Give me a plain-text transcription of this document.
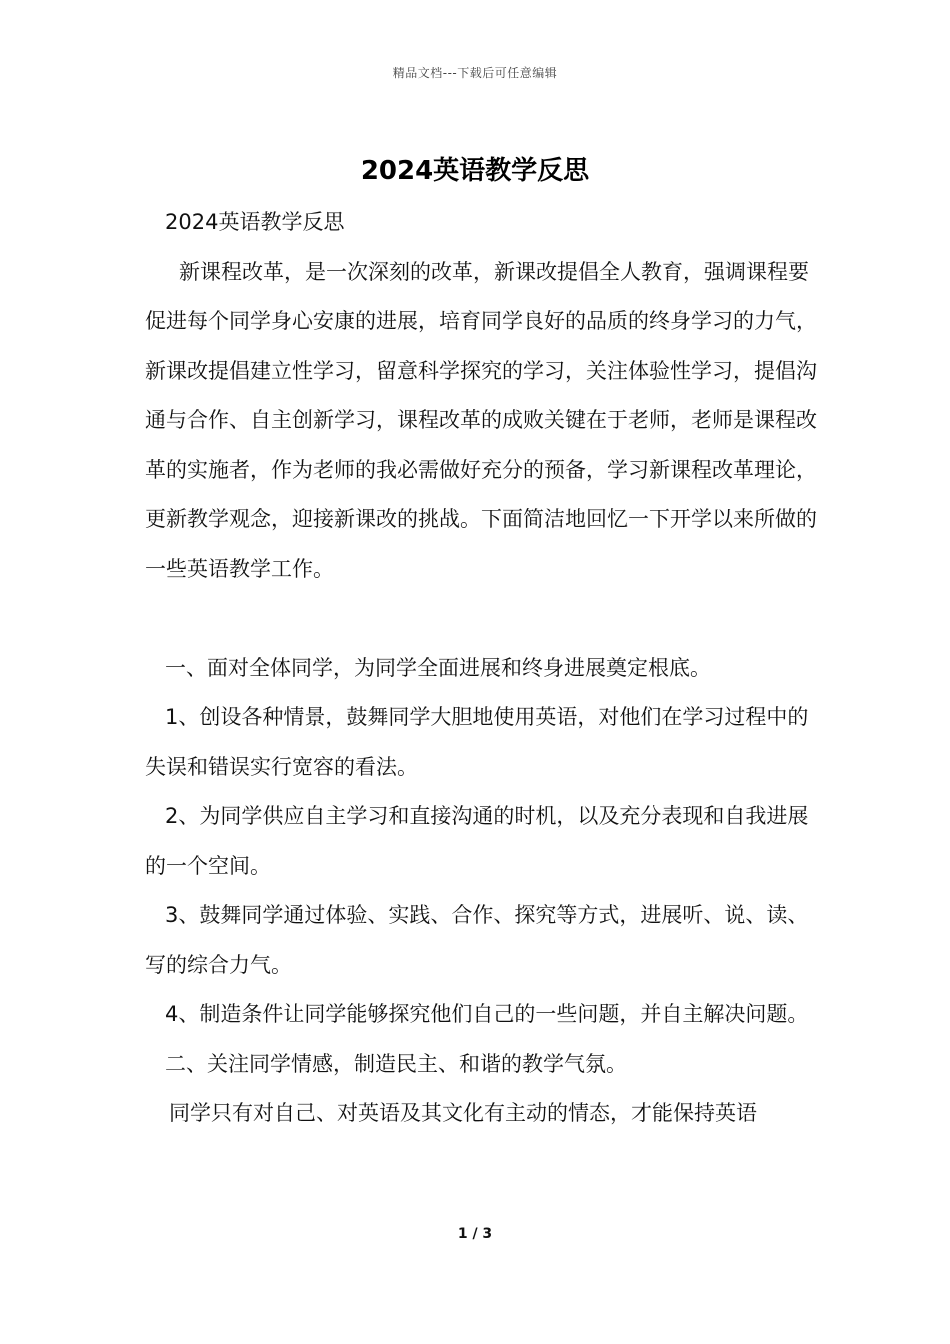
精品文档---下载后可任意编辑
2024英语教学反思

2024英语教学反思

新课程改革，是一次深刻的改革，新课改提倡全人教育，强调课程要促进每个同学身心安康的进展，培育同学良好的品质的终身学习的力气，新课改提倡建立性学习，留意科学探究的学习，关注体验性学习，提倡沟通与合作、自主创新学习，课程改革的成败关键在于老师，老师是课程改革的实施者，作为老师的我必需做好充分的预备，学习新课程改革理论，更新教学观念，迎接新课改的挑战。下面简洁地回忆一下开学以来所做的一些英语教学工作。

一、面对全体同学，为同学全面进展和终身进展奠定根底。

1、创设各种情景，鼓舞同学大胆地使用英语，对他们在学习过程中的失误和错误实行宽容的看法。

2、为同学供应自主学习和直接沟通的时机，以及充分表现和自我进展的一个空间。

3、鼓舞同学通过体验、实践、合作、探究等方式，进展听、说、读、写的综合力气。

4、制造条件让同学能够探究他们自己的一些问题，并自主解决问题。

二、关注同学情感，制造民主、和谐的教学气氛。

同学只有对自己、对英语及其文化有主动的情态，才能保持英语

1 / 3
